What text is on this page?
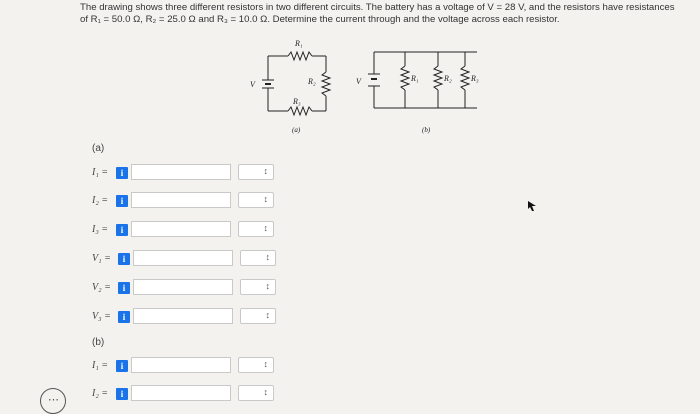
The drawing shows three different resistors in two different circuits. The battery has a voltage of V = 28 V, and the resistors have resistances of R₁ = 50.0 Ω, R₂ = 25.0 Ω and R₃ = 10.0 Ω. Determine the current through and the voltage across each resistor.
R₁
R₂
R₃
V
(a)
R₁	R₂ R₃
V
(b)
(a)
I₁ =	i
↕
I₂ =	i
↕
I₃ =	i
↕
V₁ =	i
↕
V₂ =	i
↕
V₃ =	i
↕
(b)
I₁ =	i
↕
I₂ =	i
↕
⋯
